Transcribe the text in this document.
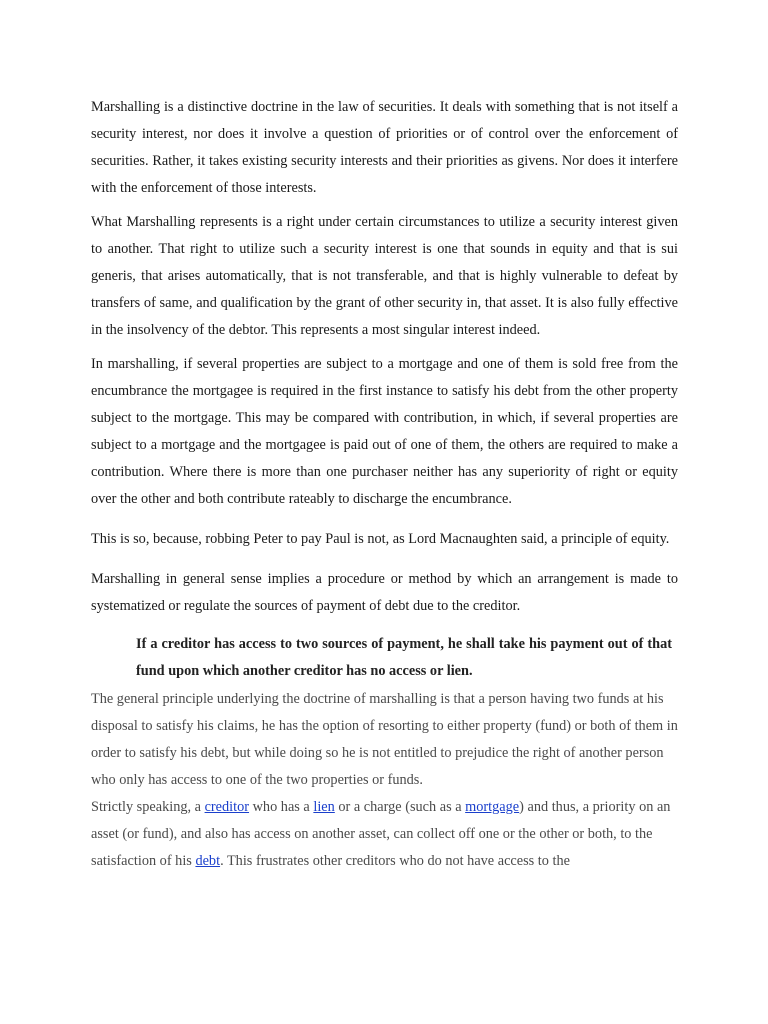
Marshalling is a distinctive doctrine in the law of securities. It deals with something that is not itself a security interest, nor does it involve a question of priorities or of control over the enforcement of securities. Rather, it takes existing security interests and their priorities as givens. Nor does it interfere with the enforcement of those interests.

What Marshalling represents is a right under certain circumstances to utilize a security interest given to another. That right to utilize such a security interest is one that sounds in equity and that is sui generis, that arises automatically, that is not transferable, and that is highly vulnerable to defeat by transfers of same, and qualification by the grant of other security in, that asset. It is also fully effective in the insolvency of the debtor. This represents a most singular interest indeed.

In marshalling, if several properties are subject to a mortgage and one of them is sold free from the encumbrance the mortgagee is required in the first instance to satisfy his debt from the other property subject to the mortgage. This may be compared with contribution, in which, if several properties are subject to a mortgage and the mortgagee is paid out of one of them, the others are required to make a contribution. Where there is more than one purchaser neither has any superiority of right or equity over the other and both contribute rateably to discharge the encumbrance.

This is so, because, robbing Peter to pay Paul is not, as Lord Macnaughten said, a principle of equity.

Marshalling in general sense implies a procedure or method by which an arrangement is made to systematized or regulate the sources of payment of debt due to the creditor.

If a creditor has access to two sources of payment, he shall take his payment out of that fund upon which another creditor has no access or lien.

The general principle underlying the doctrine of marshalling is that a person having two funds at his disposal to satisfy his claims, he has the option of resorting to either property (fund) or both of them in order to satisfy his debt, but while doing so he is not entitled to prejudice the right of another person who only has access to one of the two properties or funds.

Strictly speaking, a creditor who has a lien or a charge (such as a mortgage) and thus, a priority on an asset (or fund), and also has access on another asset, can collect off one or the other or both, to the satisfaction of his debt. This frustrates other creditors who do not have access to the
